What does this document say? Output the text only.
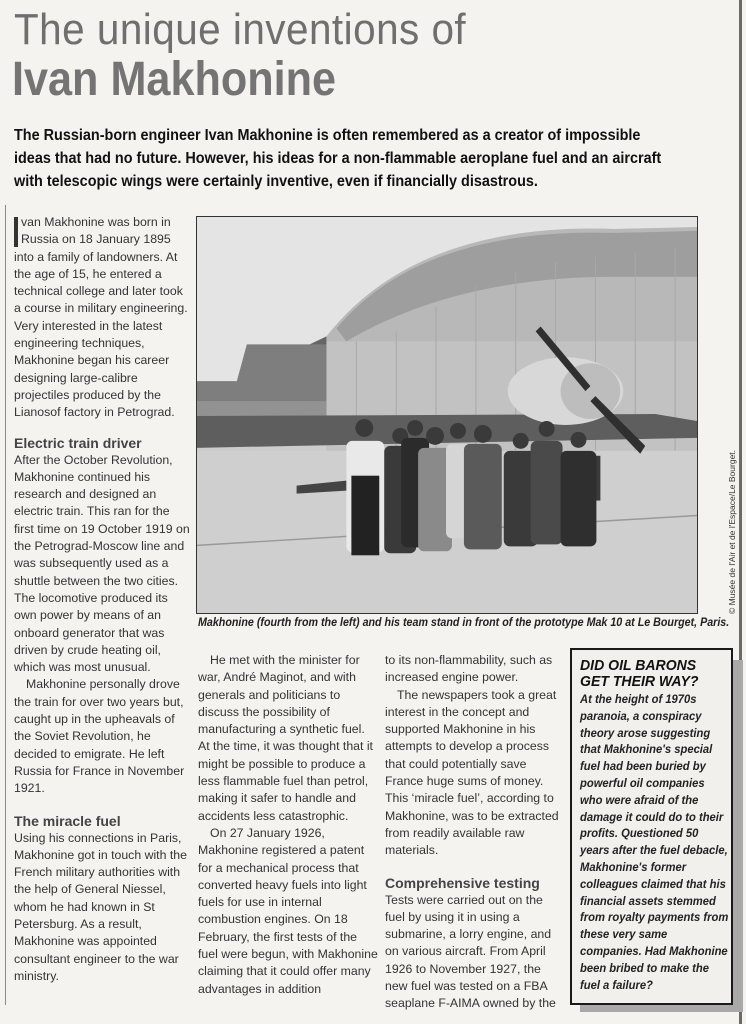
The unique inventions of
Ivan Makhonine

The Russian-born engineer Ivan Makhonine is often remembered as a creator of impossible ideas that had no future. However, his ideas for a non-flammable aeroplane fuel and an aircraft with telescopic wings were certainly inventive, even if financially disastrous.

van Makhonine was born in Russia on 18 January 1895 into a family of landowners. At the age of 15, he entered a technical college and later took a course in military engineering. Very interested in the latest engineering techniques, Makhonine began his career designing large-calibre projectiles produced by the Lianosof factory in Petrograd.

Electric train driver

After the October Revolution, Makhonine continued his research and designed an electric train. This ran for the first time on 19 October 1919 on the Petrograd-Moscow line and was subsequently used as a shuttle between the two cities. The locomotive produced its own power by means of an onboard generator that was driven by crude heating oil, which was most unusual.

Makhonine personally drove the train for over two years but, caught up in the upheavals of the Soviet Revolution, he decided to emigrate. He left Russia for France in November 1921.

The miracle fuel

Using his connections in Paris, Makhonine got in touch with the French military authorities with the help of General Niessel, whom he had known in St Petersburg. As a result, Makhonine was appointed consultant engineer to the war ministry.

© Musée de l'Air et de l'Espace/Le Bourget.

Makhonine (fourth from the left) and his team stand in front of the prototype Mak 10 at Le Bourget, Paris.

He met with the minister for war, André Maginot, and with generals and politicians to discuss the possibility of manufacturing a synthetic fuel. At the time, it was thought that it might be possible to produce a less flammable fuel than petrol, making it safer to handle and accidents less catastrophic.

On 27 January 1926, Makhonine registered a patent for a mechanical process that converted heavy fuels into light fuels for use in internal combustion engines. On 18 February, the first tests of the fuel were begun, with Makhonine claiming that it could offer many advantages in addition

to its non-flammability, such as increased engine power.

The newspapers took a great interest in the concept and supported Makhonine in his attempts to develop a process that could potentially save France huge sums of money. This ‘miracle fuel’, according to Makhonine, was to be extracted from readily available raw materials.

Comprehensive testing

Tests were carried out on the fuel by using it in using a submarine, a lorry engine, and on various aircraft. From April 1926 to November 1927, the new fuel was tested on a FBA seaplane F-AIMA owned by the

DID OIL BARONS GET THEIR WAY?

At the height of 1970s paranoia, a conspiracy theory arose suggesting that Makhonine's special fuel had been buried by powerful oil companies who were afraid of the damage it could do to their profits. Questioned 50 years after the fuel debacle, Makhonine's former colleagues claimed that his financial assets stemmed from royalty payments from these very same companies. Had Makhonine been bribed to make the fuel a failure?
